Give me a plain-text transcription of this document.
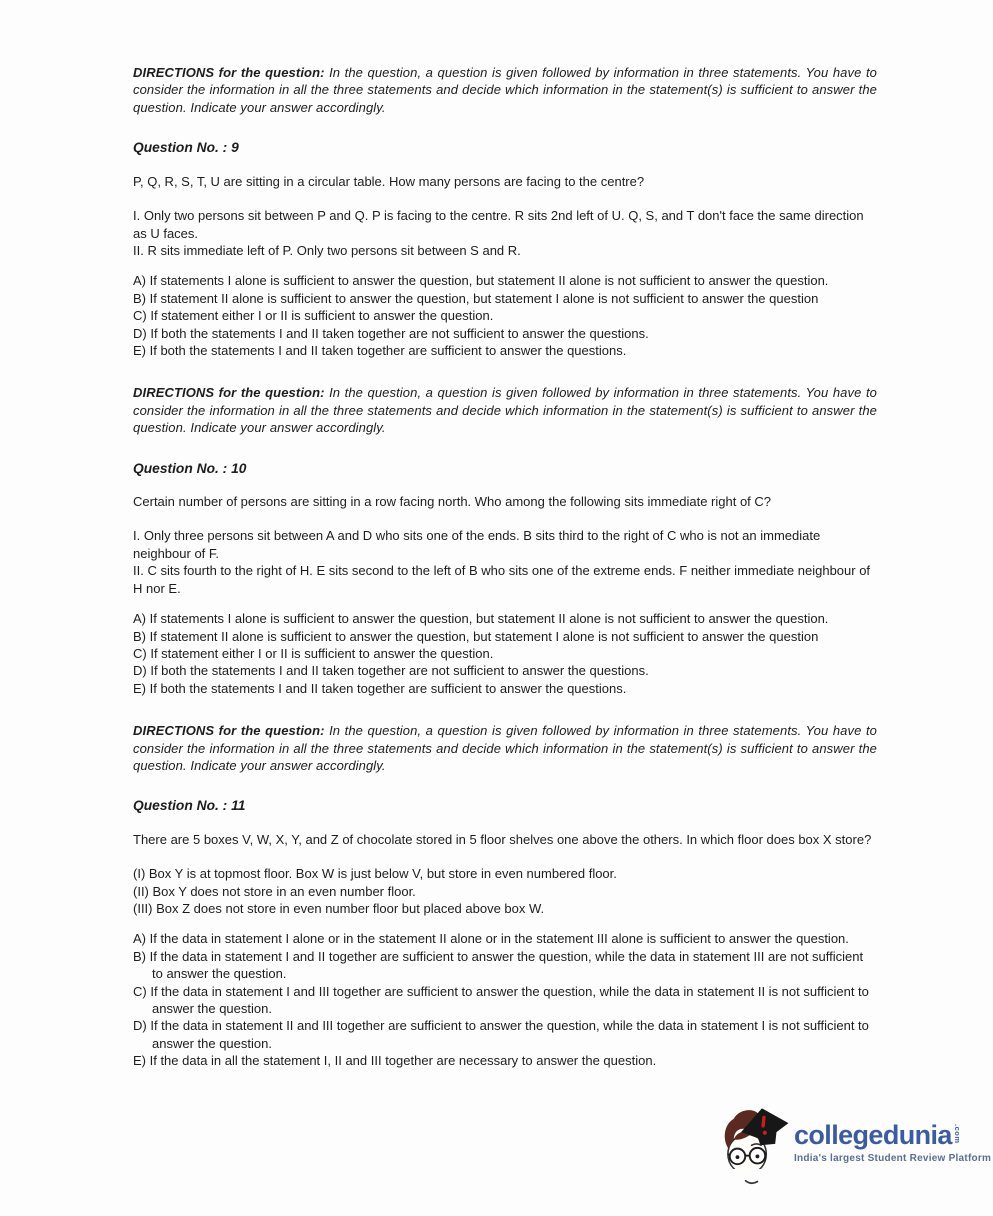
DIRECTIONS for the question: In the question, a question is given followed by information in three statements. You have to consider the information in all the three statements and decide which information in the statement(s) is sufficient to answer the question. Indicate your answer accordingly.

Question No. : 9

P, Q, R, S, T, U are sitting in a circular table. How many persons are facing to the centre?

I. Only two persons sit between P and Q. P is facing to the centre. R sits 2nd left of U. Q, S, and T don't face the same direction as U faces.

II. R sits immediate left of P. Only two persons sit between S and R.

A) If statements I alone is sufficient to answer the question, but statement II alone is not sufficient to answer the question.

B) If statement II alone is sufficient to answer the question, but statement I alone is not sufficient to answer the question

C) If statement either I or II is sufficient to answer the question.

D) If both the statements I and II taken together are not sufficient to answer the questions.

E) If both the statements I and II taken together are sufficient to answer the questions.

DIRECTIONS for the question: In the question, a question is given followed by information in three statements. You have to consider the information in all the three statements and decide which information in the statement(s) is sufficient to answer the question. Indicate your answer accordingly.

Question No. : 10

Certain number of persons are sitting in a row facing north. Who among the following sits immediate right of C?

I. Only three persons sit between A and D who sits one of the ends. B sits third to the right of C who is not an immediate neighbour of F.

II. C sits fourth to the right of H. E sits second to the left of B who sits one of the extreme ends. F neither immediate neighbour of H nor E.

A) If statements I alone is sufficient to answer the question, but statement II alone is not sufficient to answer the question.

B) If statement II alone is sufficient to answer the question, but statement I alone is not sufficient to answer the question

C) If statement either I or II is sufficient to answer the question.

D) If both the statements I and II taken together are not sufficient to answer the questions.

E) If both the statements I and II taken together are sufficient to answer the questions.

DIRECTIONS for the question: In the question, a question is given followed by information in three statements. You have to consider the information in all the three statements and decide which information in the statement(s) is sufficient to answer the question. Indicate your answer accordingly.

Question No. : 11

There are 5 boxes V, W, X, Y, and Z of chocolate stored in 5 floor shelves one above the others. In which floor does box X store?

(I) Box Y is at topmost floor. Box W is just below V, but store in even numbered floor.

(II) Box Y does not store in an even number floor.

(III) Box Z does not store in even number floor but placed above box W.

A) If the data in statement I alone or in the statement II alone or in the statement III alone is sufficient to answer the question.

B) If the data in statement I and II together are sufficient to answer the question, while the data in statement III are not sufficient to answer the question.

C) If the data in statement I and III together are sufficient to answer the question, while the data in statement II is not sufficient to answer the question.

D) If the data in statement II and III together are sufficient to answer the question, while the data in statement I is not sufficient to answer the question.

E) If the data in all the statement I, II and III together are necessary to answer the question.

collegedunia .com
India's largest Student Review Platform
